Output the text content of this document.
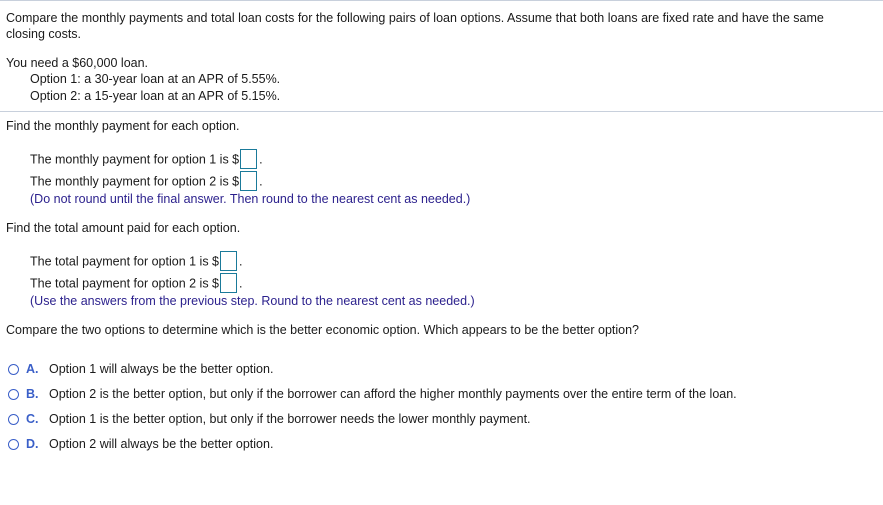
Compare the monthly payments and total loan costs for the following pairs of loan options. Assume that both loans are fixed rate and have the same
closing costs.
You need a $60,000 loan.
Option 1: a 30-year loan at an APR of 5.55%.
Option 2: a 15-year loan at an APR of 5.15%.
Find the monthly payment for each option.
The monthly payment for option 1 is $ .
The monthly payment for option 2 is $ .
(Do not round until the final answer. Then round to the nearest cent as needed.)
Find the total amount paid for each option.
The total payment for option 1 is $ .
The total payment for option 2 is $ .
(Use the answers from the previous step. Round to the nearest cent as needed.)
Compare the two options to determine which is the better economic option. Which appears to be the better option?
A. Option 1 will always be the better option.
B. Option 2 is the better option, but only if the borrower can afford the higher monthly payments over the entire term of the loan.
C. Option 1 is the better option, but only if the borrower needs the lower monthly payment.
D. Option 2 will always be the better option.
